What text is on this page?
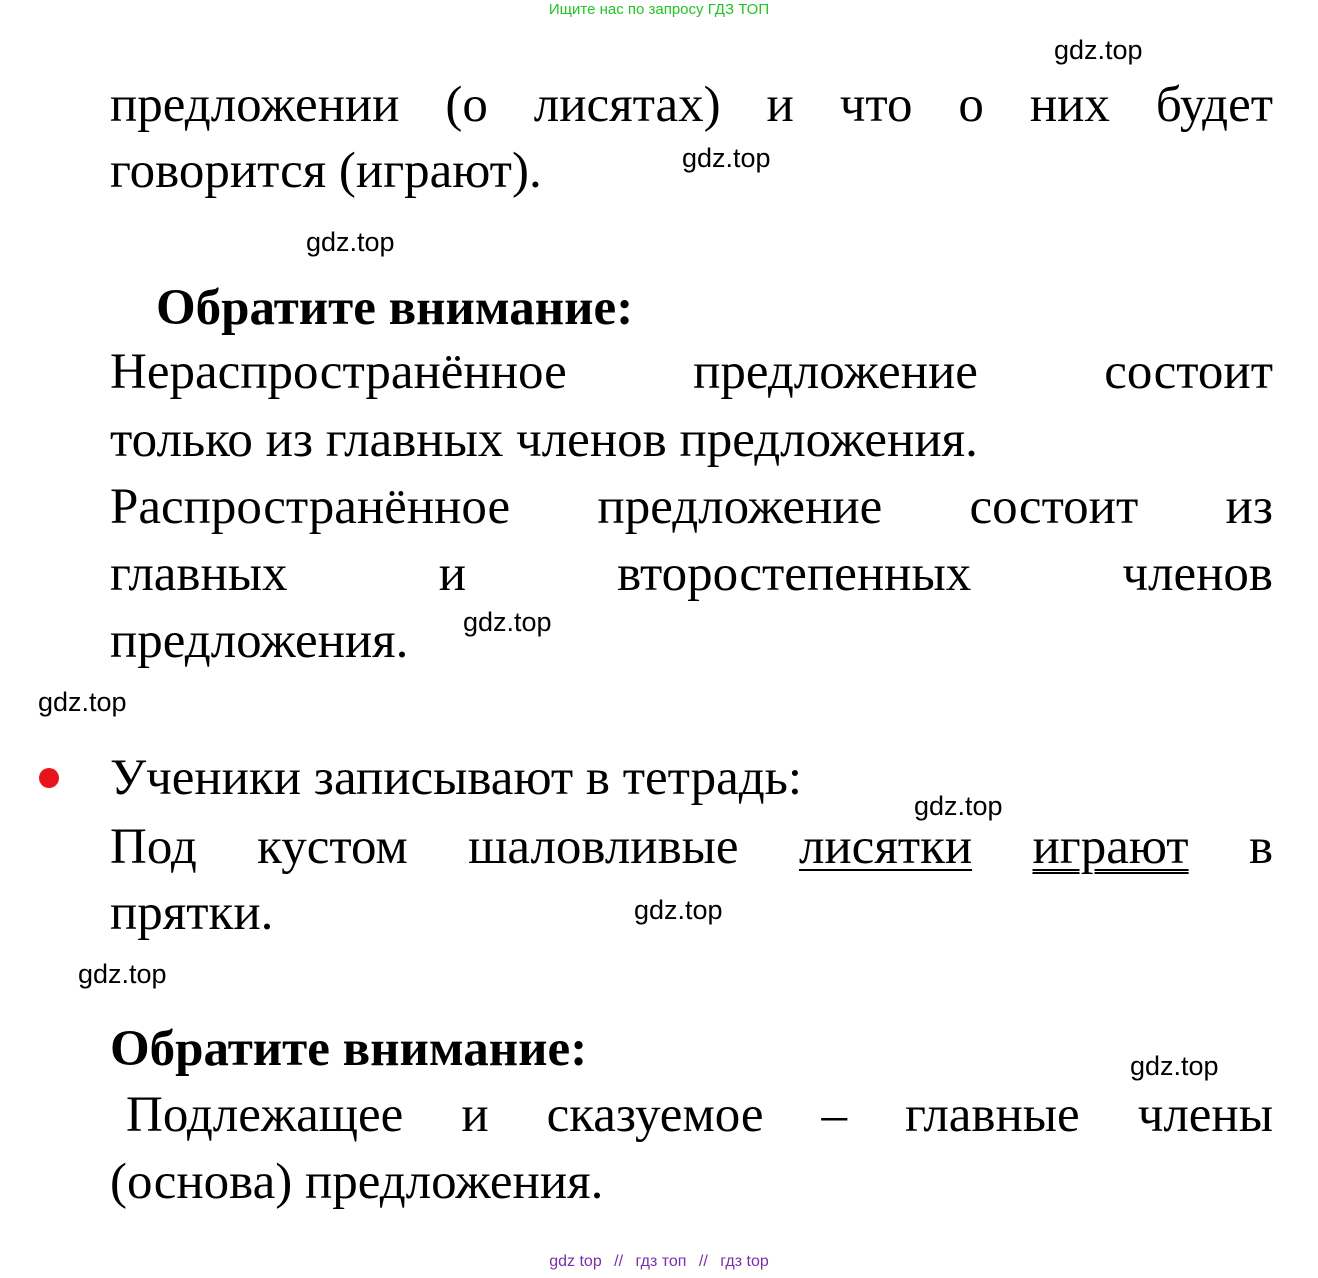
Ищите нас по запросу ГДЗ ТОП
gdz.top
gdz.top
gdz.top
gdz.top
gdz.top
gdz.top
gdz.top
gdz.top
gdz.top
предложении (о лисятах) и что о них будет
говорится (играют).
Обратите внимание:
Нераспространённое предложение состоит
только из главных членов предложения.
Распространённое предложение состоит из
главных и второстепенных членов
предложения.
Ученики записывают в тетрадь:
Под кустом шаловливые лисятки играют в
прятки.
Обратите внимание:
Подлежащее и сказуемое – главные члены
(основа) предложения.
gdz top // гдз топ // гдз top
